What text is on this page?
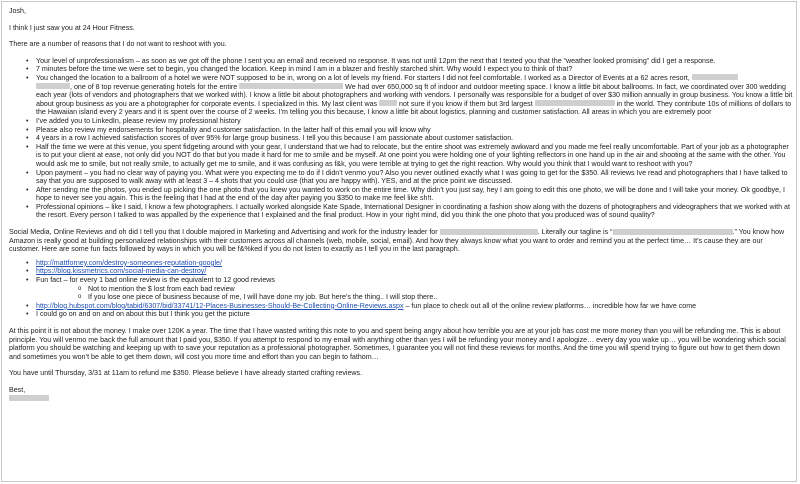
Josh,

I think I just saw you at 24 Hour Fitness.

There are a number of reasons that I do not want to reshoot with you.

• Your level of unprofessionalism – as soon as we got off the phone I sent you an email and received no response. It was not until 12pm the next that I texted you that the “weather looked promising” did I get a response.
• 7 minutes before the time we were set to begin, you changed the location. Keep in mind I am in a blazer and freshly starched shirt. Why would I expect you to think of that?
• You changed the location to a ballroom of a hotel we were NOT supposed to be in, wrong on a lot of levels my friend. For starters I did not feel comfortable. I worked as a Director of Events at a 62 acres resort,
, one of 8 top revenue generating hotels for the entire	We had over 650,000 sq ft of indoor and outdoor meeting space. I know a little bit about ballrooms. In fact, we coordinated over 300 wedding each year (lots of vendors and photographers that we worked with). I know a little bit about photographers and working with vendors. I personally was responsible for a budget of over $30 million annually in group business. You know a little bit about group business as you are a photographer for corporate events. I specialized in this. My last client was	not sure if you know if them but 3rd largest	in the world. They contribute 10s of millions of dollars to the Hawaiian island every 2 years and it is spent over the course of 2 weeks. I’m telling you this because, I know a little bit about logistics, planning and customer satisfaction. All areas in which you are extremely poor
• I’ve added you to LinkedIn, please review my professional history
• Please also review my endorsements for hospitality and customer satisfaction. In the latter half of this email you will know why
• 4 years in a row I achieved satisfaction scores of over 95% for large group business. I tell you this because I am passionate about customer satisfaction.
• Half the time we were at this venue, you spent fidgeting around with your gear, I understand that we had to relocate, but the entire shoot was extremely awkward and you made me feel really uncomfortable. Part of your job as a photographer is to put your client at ease, not only did you NOT do that but you made it hard for me to smile and be myself. At one point you were holding one of your lighting reflectors in one hand up in the air and shooting at the same with the other. You would ask me to smile, but not really smile, to actually get me to smile, and it was confusing as f&k, you were terrible at trying to get the right reaction. Why would you think that I would want to reshoot with you?
• Upon payment – you had no clear way of paying you. What were you expecting me to do if I didn’t venmo you? Also you never outlined exactly what I was going to get for the $350. All reviews Ive read and photographers that I have talked to say that you are supposed to walk away with at least 3 – 4 shots that you could use (that you are happy with). YES, and at the price point we discussed.
• After sending me the photos, you ended up picking the one photo that you knew you wanted to work on the entire time. Why didn’t you just say, hey I am going to edit this one photo, we will be done and I will take your money. Ok goodbye, I hope to never see you again. This is the feeling that I had at the end of the day after paying you $350 to make me feel like sh!t.
• Professional opinions – like I said, I know a few photographers. I actually worked alongside Kate Spade, International Designer in coordinating a fashion show along with the dozens of photographers and videographers that we worked with at the resort. Every person I talked to was appalled by the experience that I explained and the final product. How in your right mind, did you think the one photo that you produced was of sound quality?

Social Media, Online Reviews and oh did I tell you that I double majored in Marketing and Advertising and work for the industry leader for	. Literally our tagline is “	.” You know how Amazon is really good at building personalized relationships with their customers across all channels (web, mobile, social, email). And how they always know what you want to order and remind you at the perfect time… It’s cause they are our customer. Here are some fun facts followed by ways in which you will be f&%ked if you do not listen to exactly as I tell you in the last paragraph.

• http://mattforney.com/destroy-someones-reputation-google/
• https://blog.kissmetrics.com/social-media-can-destroy/
• Fun fact – for every 1 bad online review is the equivalent to 12 good reviews
o Not to mention the $ lost from each bad review
o If you lose one piece of business because of me, I will have done my job. But here’s the thing.. I will stop there..
• http://blog.hubspot.com/blog/tabid/6307/bid/33741/12-Places-Businesses-Should-Be-Collecting-Online-Reviews.aspx – fun place to check out all of the online review platforms… incredible how far we have come
• I could go on and on and on about this but I think you get the picture

At this point it is not about the money. I make over 120K a year. The time that I have wasted writing this note to you and spent being angry about how terrible you are at your job has cost me more money than you will be refunding me. This is about principle. You will venmo me back the full amount that I paid you, $350. If you attempt to respond to my email with anything other than yes I will be refunding your money and I apologize… every day you wake up… you will be wondering which social platform you should be watching and keeping up with to save your reputation as a professional photographer. Sometimes, I guarantee you will not find these reviews for months. And the time you will spend trying to figure out how to get them down and sometimes you won’t be able to get them down, will cost you more time and effort than you can begin to fathom…

You have until Thursday, 3/31 at 11am to refund me $350. Please believe I have already started crafting reviews.

Best,
